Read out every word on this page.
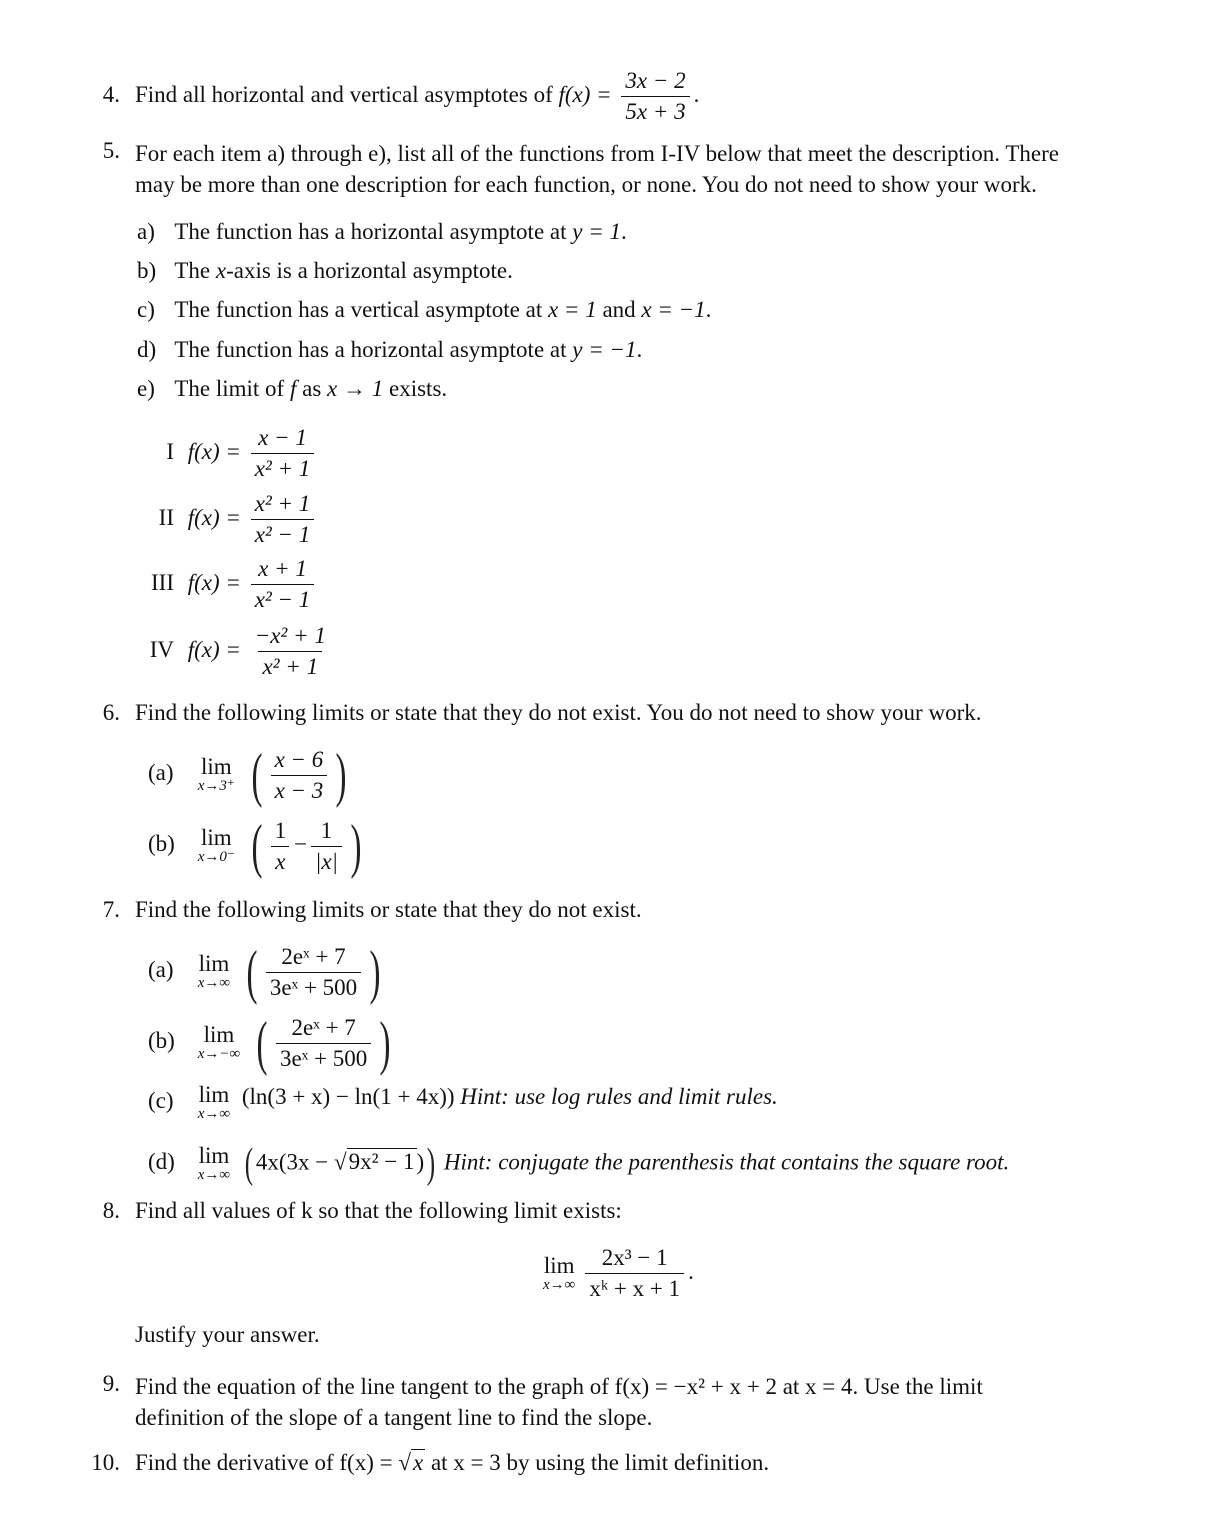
4. Find all horizontal and vertical asymptotes of $f(x) = \frac{3x - 2}{5x + 3}$ .
5. For each item a) through e), list all of the functions from I-IV below that meet the description. There
may be more than one description for each function, or none. You do not need to show your work.
a) The function has a horizontal asymptote at y = 1.
b) The x-axis is a horizontal asymptote.
c) The function has a vertical asymptote at x = 1 and x = −1.
d) The function has a horizontal asymptote at y = −1.
e) The limit of f as x → 1 exists.
I $f(x) = \frac{x - 1}{\text{x² + 1}}$
II $f(x) = \frac{\text{x² + 1}}{\text{x² − 1}}$
III $f(x) = \frac{x + 1}{\text{x² − 1}}$
IV $f(x) = \frac{\text{−x² + 1}}{\text{x² + 1}}$
6. Find the following limits or state that they do not exist. You do not need to show your work.
(a) lim
x→3⁺ ( $\frac{x - 6}{x - 3}$ )
(b) lim
x→0⁻ ( $\frac{1}{x} - \frac{1}{|x|}$ )
7. Find the following limits or state that they do not exist.
(a) lim
x→∞ ( $\frac{\text{2eˣ + 7}}{\text{3eˣ + 500}}$ )
(b) lim
x→−∞ ( $\frac{\text{2eˣ + 7}}{\text{3eˣ + 500}}$ )
(c) lim
x→∞
(ln(3 + x) − ln(1 + 4x)) Hint: use log rules and limit rules.
(d) lim
x→∞ ( 4x(3x − √9x² − 1)) Hint: conjugate the parenthesis that contains the square root.
8. Find all values of k so that the following limit exists:
lim
$x\to\infty \frac{\text{2x³ − 1}}{\text{xᵏ + x + 1}}$ .
Justify your answer.
9. Find the equation of the line tangent to the graph of f(x) = −x² + x + 2 at x = 4. Use the limit
definition of the slope of a tangent line to find the slope.
10. Find the derivative of f(x) = √x at x = 3 by using the limit definition.
